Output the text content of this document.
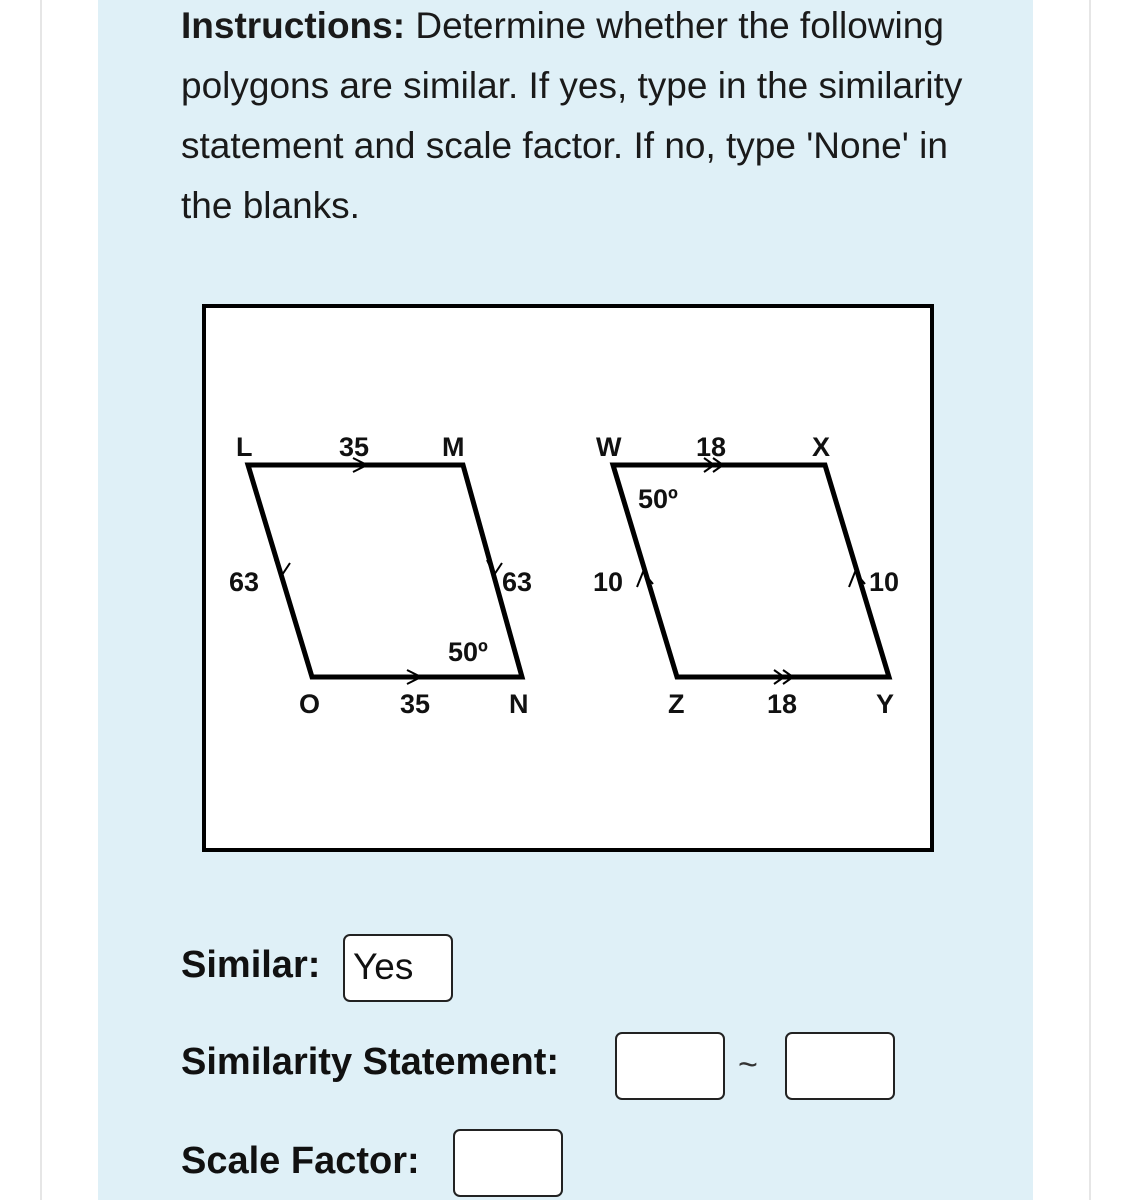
Instructions: Determine whether the following polygons are similar. If yes, type in the similarity statement and scale factor. If no, type 'None' in the blanks.

L	35	M
63	63
50º
O	35	N
W	18	X
50º
10	10
Z	18	Y
Similar: Yes
Similarity Statement:	~
Scale Factor:
